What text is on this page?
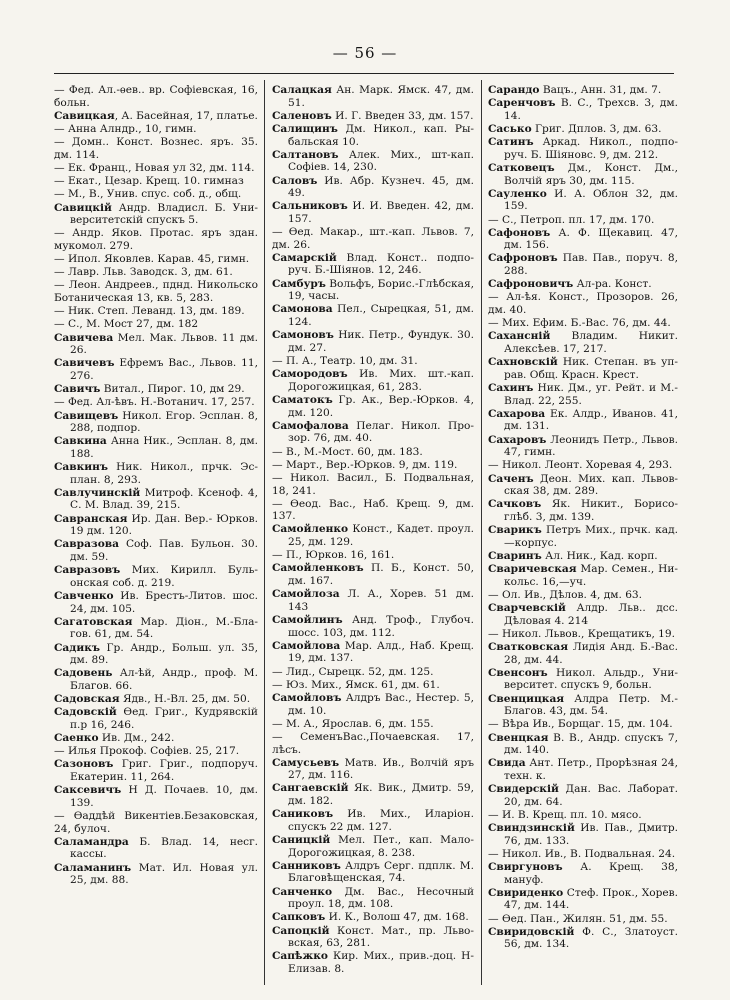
— 56 —
— Фед. Ал.-ѳев.. вр. Софіевская, 16, больн.
Савицкая, А. Басейная, 17, платье.
— Анна Алндр., 10, гимн.
— Домн.. Конст. Вознес. яръ. 35. дм. 114.
— Ек. Франц., Новая ул 32, дм. 114.
— Екат., Цезар. Крещ. 10. гимназ
— М., В., Унив. спус. соб. д., общ.
Савицкій Андр. Владисл. Б. Университетскій спускъ 5.
— Андр. Яков. Протас. яръ здан. мукомол. 279.
— Ипол. Яковлев. Карав. 45, гимн.
— Лавр. Льв. Заводск. 3, дм. 61.
— Леон. Андреев., пднд. Никольско Ботаническая 13, кв. 5, 283.
— Ник. Степ. Леванд. 13, дм. 189.
— С., М. Мост 27, дм. 182
Савичева Мел. Мак. Львов. 11 дм. 26.
Савичевъ Ефремъ Вас., Львов. 11, 276.
Савичъ Витал., Пирог. 10, дм 29.
— Фед. Ал-ѣвъ. Н.-Вотанич. 17, 257.
Савищевъ Никол. Егор. Эсплан. 8, 288, подпор.
Савкина Анна Ник., Эсплан. 8, дм. 188.
Савкинъ Ник. Никол., прчк. Эсплан. 8, 293.
Савлучинскій Митроф. Ксеноф. 4, С. М. Влад. 39, 215.
Савранская Ир. Дан. Вер.- Юрков. 19 дм. 120.
Савразова Соф. Пав. Бульон. 30. дм. 59.
Савразовъ Мих. Кирилл. Бульонская соб. д. 219.
Савченко Ив. Брестъ-Литов. шос. 24, дм. 105.
Сагатовская Мар. Діон., М.-Благов. 61, дм. 54.
Садикъ Гр. Андр., Больш. ул. 35, дм. 89.
Садовень Ал-ѣй, Андр., проф. М. Благов. 66.
Садовская Ядв., Н.-Вл. 25, дм. 50.
Садовскій Ѳед. Григ., Кудрявскій п.р 16, 246.
Саенко Ив. Дм., 242.
— Илья Прокоф. Софіев. 25, 217.
Сазоновъ Григ. Григ., подпоруч. Екатерин. 11, 264.
Саксевичъ Н Д. Почаев. 10, дм. 139.
— Ѳаддѣй Викентіев.Безаковская, 24, булоч.
Саламандра Б. Влад. 14, несг. кассы.
Саламанинъ Мат. Ил. Новая ул. 25, дм. 88.
Салацкая Ан. Марк. Ямск. 47, дм. 51.
Саленовъ И. Г. Введен 33, дм. 157.
Салищинъ Дм. Никол., кап. Рыбальская 10.
Салтановъ Алек. Мих., шт-кап. Софіев. 14, 230.
Саловъ Ив. Абр. Кузнеч. 45, дм. 49.
Сальниковъ И. И. Введен. 42, дм. 157.
— Ѳед. Макар., шт.-кап. Львов. 7, дм. 26.
Самарскій Влад. Конст.. подпоруч. Б.-Шіянов. 12, 246.
Самбуръ Вольфъ, Борис.-Глѣбская, 19, часы.
Самонова Пел., Сырецкая, 51, дм. 124.
Самоновъ Ник. Петр., Фундук. 30. дм. 27.
— П. А., Театр. 10, дм. 31.
Самородовъ Ив. Мих. шт.-кап. Дорогожицкая, 61, 283.
Саматокъ Гр. Ак., Вер.-Юрков. 4, дм. 120.
Самофалова Пелаг. Никол. Прозор. 76, дм. 40.
— В., М.-Мост. 60, дм. 183.
— Март., Вер.-Юрков. 9, дм. 119.
— Никол. Васил., Б. Подвальная, 18, 241.
— Ѳеод. Вас., Наб. Крещ. 9, дм. 137.
Самойленко Конст., Кадет. проул. 25, дм. 129.
— П., Юрков. 16, 161.
Самойленковъ П. Б., Конст. 50, дм. 167.
Самойлоза Л. А., Хорев. 51 дм. 143
Самойлинъ Анд. Троф., Глубоч. шосс. 103, дм. 112.
Самойлова Мар. Алд., Наб. Крещ. 19, дм. 137.
— Лид., Сырецк. 52, дм. 125.
— Юз. Мих., Ямск. 61, дм. 61.
Самойловъ Алдръ Вас., Нестер. 5, дм. 10.
— М. А., Ярослав. 6, дм. 155.
— СеменъВас.,Почаевская. 17, лѣсъ.
Самусьевъ Матв. Ив., Волчій яръ 27, дм. 116.
Сангаевскій Як. Вик., Дмитр. 59, дм. 182.
Саниковъ Ив. Мих., Иларіон. спускъ 22 дм. 127.
Саницкій Мел. Пет., кап. Мало-Дорогожицкая, 8. 238.
Санниковъ Алдръ Серг. пдплк. М. Благовѣщенская, 74.
Санченко Дм. Вас., Несочный проул. 18, дм. 108.
Сапковъ И. К., Волош 47, дм. 168.
Сапоцкій Конст. Мат., пр. Львовская, 63, 281.
Сапѣжко Кир. Мих., прив.-доц. Н-Елизав. 8.
Сарандо Вацъ., Анн. 31, дм. 7.
Саренчовъ В. С., Трехсв. 3, дм. 14.
Сасько Григ. Дплов. 3, дм. 63.
Сатинъ Аркад. Никол., подпоруч. Б. Шіяновс. 9, дм. 212.
Сатковецъ Дм., Конст. Дм., Волчій яръ 30, дм. 115.
Сауленко И. А. Облон 32, дм. 159.
— С., Петроп. пл. 17, дм. 170.
Сафоновъ А. Ф. Щекавиц. 47, дм. 156.
Сафроновъ Пав. Пав., поруч. 8, 288.
Сафроновичъ Ал-ра. Конст.
— Ал-ѣя. Конст., Прозоров. 26, дм. 40.
— Мих. Ефим. Б.-Вас. 76, дм. 44.
Сахансній Владим. Никит. Алексѣев. 17, 217.
Сахновскій Ник. Степан. въ управ. Общ. Красн. Крест.
Сахинъ Ник. Дм., уг. Рейт. и М.-Влад. 22, 255.
Сахарова Ек. Алдр., Иванов. 41, дм. 131.
Сахаровъ Леонидъ Петр., Львов. 47, гимн.
— Никол. Леонт. Хоревая 4, 293.
Саченъ Деон. Мих. кап. Львовская 38, дм. 289.
Сачковъ Як. Никит., Борисоглѣб. 3, дм. 139.
Сварикъ Петръ Мих., прчк. кад. —корпус.
Сваринъ Ал. Ник., Кад. корп.
Сваричевская Мар. Семен., Никольс. 16,—уч.
— Ол. Ив., Дѣлов. 4, дм. 63.
Сварчевскій Алдр. Льв.. дсс. Дѣловая 4. 214
— Никол. Львов., Крещатикъ, 19.
Сватковская Лидія Анд. Б.-Вас. 28, дм. 44.
Свенсонъ Никол. Альдр., Университет. спускъ 9, больн.
Свенцицкая Алдра Петр. М.-Благов. 43, дм. 54.
— Вѣра Ив., Борщаг. 15, дм. 104.
Свенцкая В. В., Андр. спускъ 7, дм. 140.
Свида Ант. Петр., Прорѣзная 24, техн. к.
Свидерскій Дан. Вас. Лаборат. 20, дм. 64.
— И. В. Крещ. пл. 10. мясо.
Свиндзинскій Ив. Пав., Дмитр. 76, дм. 133.
— Никол. Ив., В. Подвальная. 24.
Свиргуновъ А. Крещ. 38, мануф.
Свириденко Стеф. Прок., Хорев. 47, дм. 144.
— Ѳед. Пан., Жилян. 51, дм. 55.
Свиридовскій Ф. С., Златоуст. 56, дм. 134.
